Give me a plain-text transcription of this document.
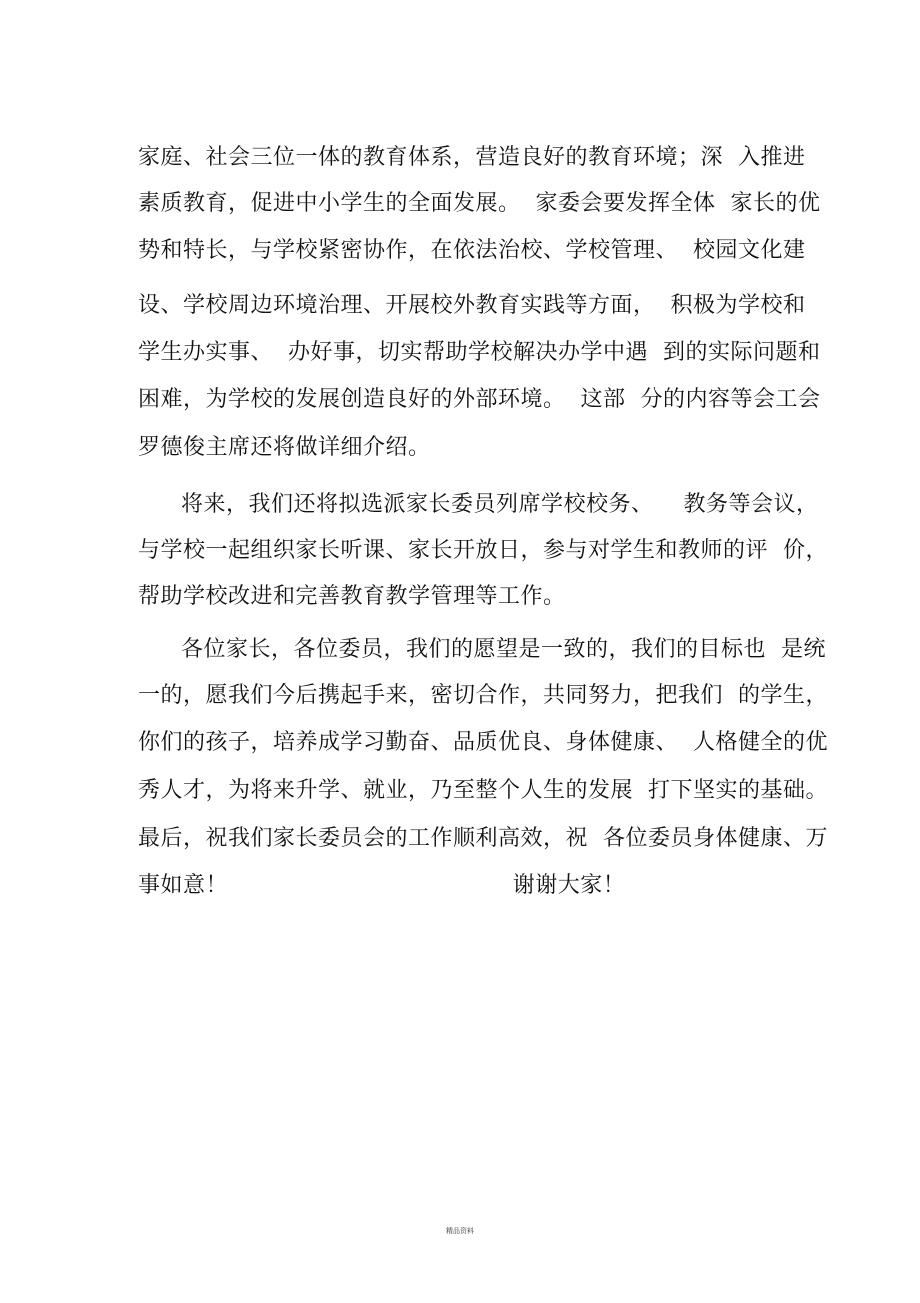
家庭、社会三位一体的教育体系，营造良好的教育环境；深  入推进
素质教育，促进中小学生的全面发展。  家委会要发挥全体  家长的优
势和特长，与学校紧密协作，在依法治校、学校管理、  校园文化建
设、学校周边环境治理、开展校外教育实践等方面，  积极为学校和
学生办实事、  办好事，切实帮助学校解决办学中遇  到的实际问题和
困难，为学校的发展创造良好的外部环境。  这部  分的内容等会工会
罗德俊主席还将做详细介绍。
将来，我们还将拟选派家长委员列席学校校务、    教务等会议，
与学校一起组织家长听课、家长开放日，参与对学生和教师的评  价，
帮助学校改进和完善教育教学管理等工作。
各位家长，各位委员，我们的愿望是一致的，我们的目标也  是统
一的，愿我们今后携起手来，密切合作，共同努力，把我们  的学生，
你们的孩子，培养成学习勤奋、品质优良、身体健康、  人格健全的优
秀人才，为将来升学、就业，乃至整个人生的发展  打下坚实的基础。
最后，祝我们家长委员会的工作顺利高效，祝  各位委员身体健康、万
事如意！                                      谢谢大家！
精品资料
